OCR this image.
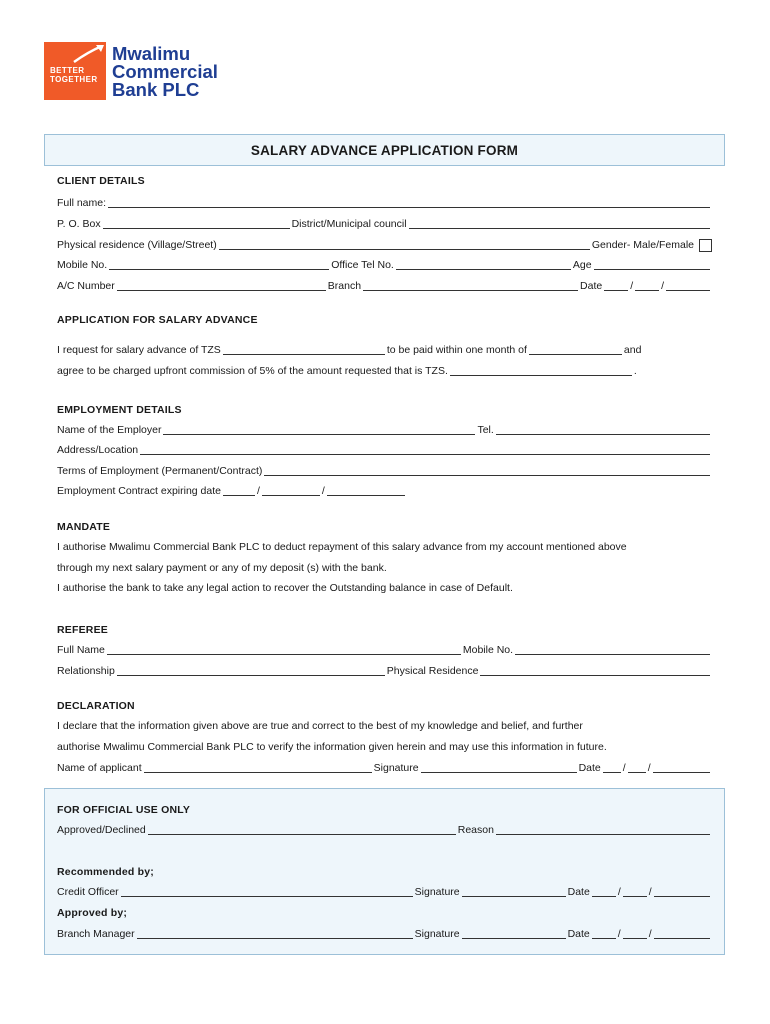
BETTER
TOGETHER
Mwalimu
Commercial
Bank PLC
SALARY ADVANCE APPLICATION FORM
CLIENT DETAILS
Full name:
P. O. Box	District/Municipal council
Physical residence (Village/Street)	Gender- Male/Female
Mobile No.	Office Tel No.	Age
A/C Number	Branch	Date	/	/
APPLICATION FOR SALARY ADVANCE
I request for salary advance of TZS	to be paid within one month of	and
agree to be charged upfront commission of 5% of the amount requested that is TZS.	.
EMPLOYMENT DETAILS
Name of the Employer	Tel.
Address/Location
Terms of Employment (Permanent/Contract)
Employment Contract expiring date	/	/
MANDATE
I authorise Mwalimu Commercial Bank PLC to deduct repayment of this salary advance from my account mentioned above
through my next salary payment or any of my deposit (s) with the bank.
I authorise the bank to take any legal action to recover the Outstanding balance in case of Default.
REFEREE
Full Name	Mobile No.
Relationship	Physical Residence
DECLARATION
I declare that the information given above are true and correct to the best of my knowledge and belief, and further
authorise Mwalimu Commercial Bank PLC to verify the information given herein and may use this information in future.
Name of applicant	Signature	Date / /
FOR OFFICIAL USE ONLY
Approved/Declined	Reason
Recommended by;
Credit Officer	Signature	Date	/	/
Approved by;
Branch Manager	Signature	Date	/	/
